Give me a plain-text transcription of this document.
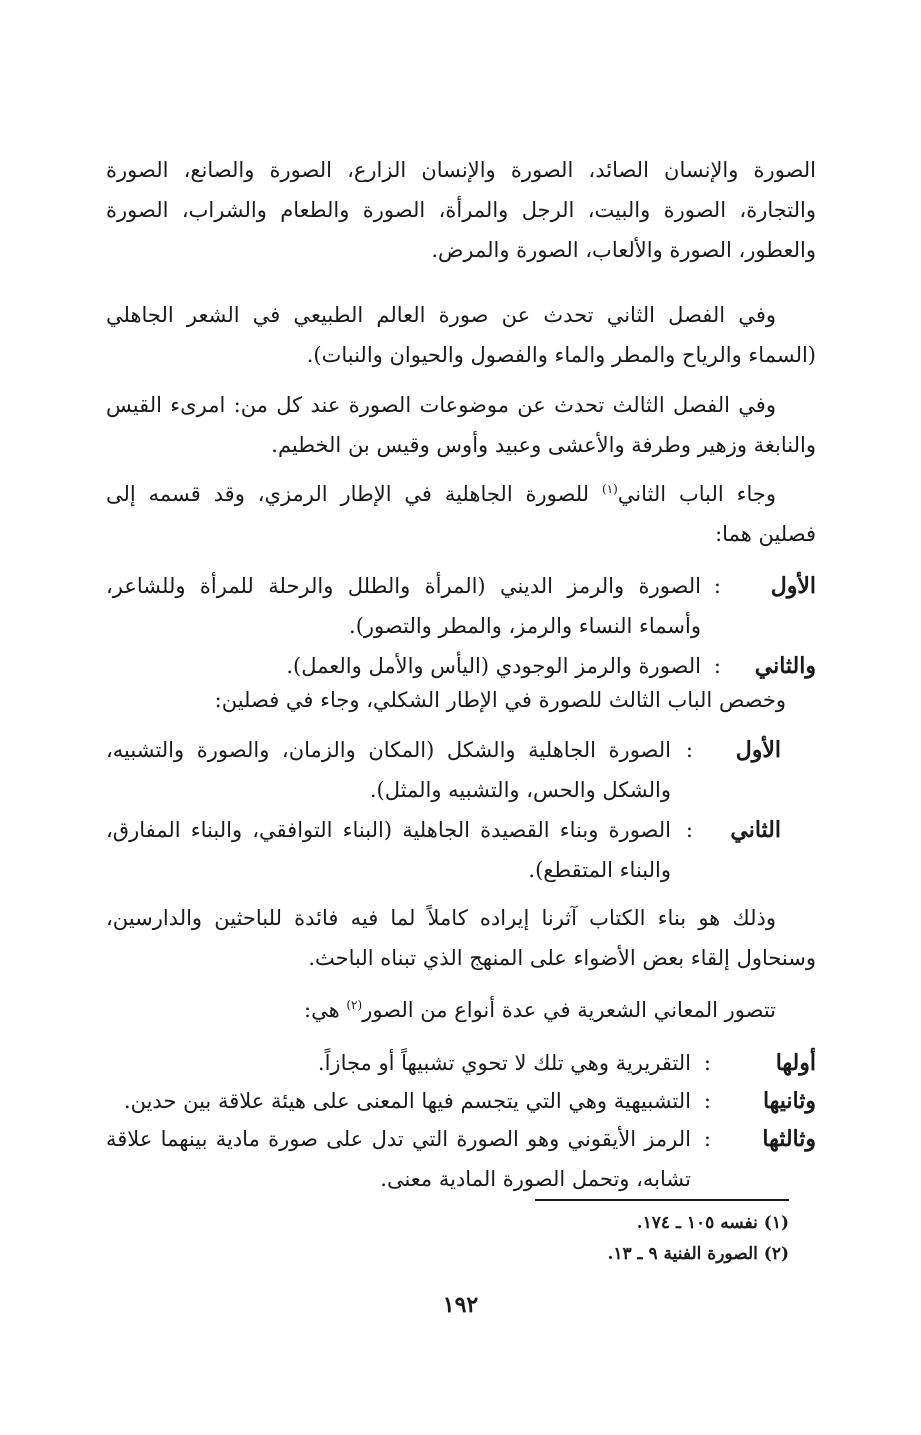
الصورة والإنسان الصائد، الصورة والإنسان الزارع، الصورة والصانع، الصورة والتجارة، الصورة والبيت، الرجل والمرأة، الصورة والطعام والشراب، الصورة والعطور، الصورة والألعاب، الصورة والمرض.

وفي الفصل الثاني تحدث عن صورة العالم الطبيعي في الشعر الجاهلي (السماء والرياح والمطر والماء والفصول والحيوان والنبات).

وفي الفصل الثالث تحدث عن موضوعات الصورة عند كل من: امرىء القيس والنابغة وزهير وطرفة والأعشى وعبيد وأوس وقيس بن الخطيم.

وجاء الباب الثاني$^{(١)}$ للصورة الجاهلية في الإطار الرمزي، وقد قسمه إلى فصلين هما:

الأول
:

الصورة والرمز الديني (المرأة والطلل والرحلة للمرأة وللشاعر، وأسماء النساء والرمز، والمطر والتصور).

والثاني
:

الصورة والرمز الوجودي (اليأس والأمل والعمل).

وخصص الباب الثالث للصورة في الإطار الشكلي، وجاء في فصلين:

الأول
:

الصورة الجاهلية والشكل (المكان والزمان، والصورة والتشبيه، والشكل والحس، والتشبيه والمثل).

الثاني
:

الصورة وبناء القصيدة الجاهلية (البناء التوافقي، والبناء المفارق، والبناء المتقطع).

وذلك هو بناء الكتاب آثرنا إيراده كاملاً لما فيه فائدة للباحثين والدارسين، وسنحاول إلقاء بعض الأضواء على المنهج الذي تبناه الباحث.

تتصور المعاني الشعرية في عدة أنواع من الصور$^{(٢)}$ هي:

أولها
:

التقريرية وهي تلك لا تحوي تشبيهاً أو مجازاً.

وثانيها
:

التشبيهية وهي التي يتجسم فيها المعنى على هيئة علاقة بين حدين.

وثالثها
:

الرمز الأيقوني وهو الصورة التي تدل على صورة مادية بينهما علاقة تشابه، وتحمل الصورة المادية معنى.

(١) نفسه ١٠٥ ـ ١٧٤.
(٢) الصورة الفنية ٩ ـ ١٣.
١٩٢
